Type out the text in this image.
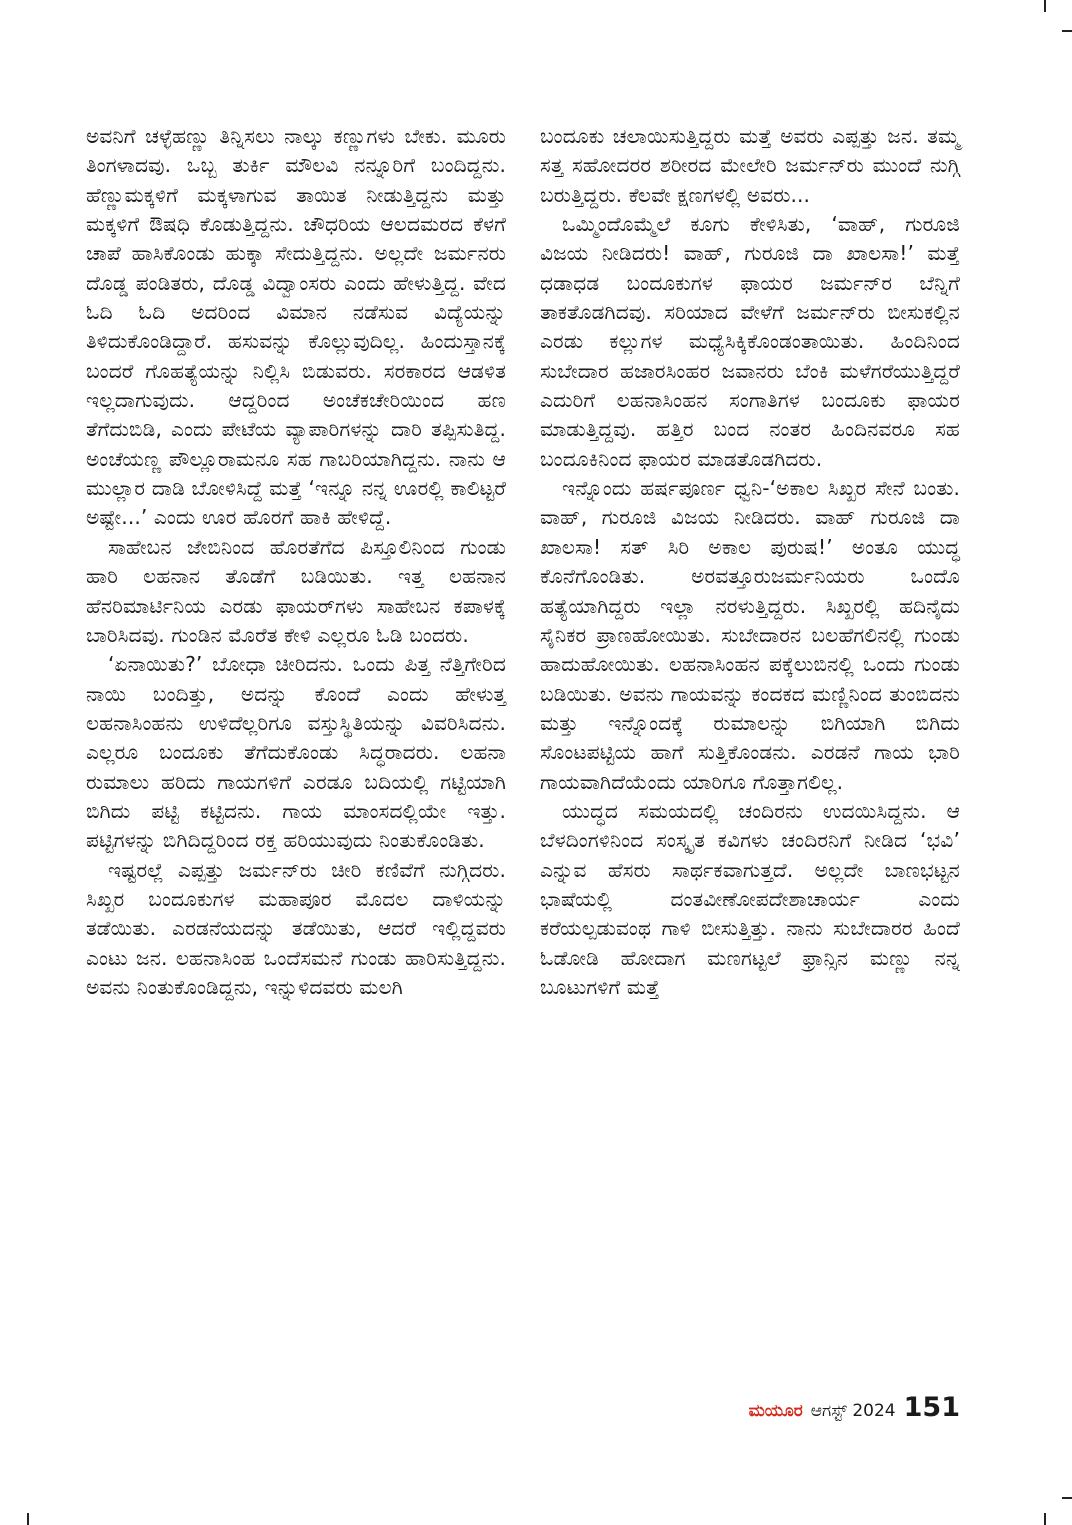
ಅವನಿಗೆ ಚಳ್ಳೆಹಣ್ಣು ತಿನ್ನಿಸಲು ನಾಲ್ಕು ಕಣ್ಣುಗಳು ಬೇಕು. ಮೂರು ತಿಂಗಳಾದವು. ಒಬ್ಬ ತುರ್ಕಿ ಮೌಲವಿ ನನ್ನೂರಿಗೆ ಬಂದಿದ್ದನು. ಹೆಣ್ಣುಮಕ್ಕಳಿಗೆ ಮಕ್ಕಳಾಗುವ ತಾಯಿತ ನೀಡುತ್ತಿದ್ದನು ಮತ್ತು ಮಕ್ಕಳಿಗೆ ಔಷಧಿ ಕೊಡುತ್ತಿದ್ದನು. ಚೌಧರಿಯ ಆಲದಮರದ ಕೆಳಗೆ ಚಾಪೆ ಹಾಸಿಕೊಂಡು ಹುಕ್ಕಾ ಸೇದುತ್ತಿದ್ದನು. ಅಲ್ಲದೇ ಜರ್ಮನರು ದೊಡ್ಡ ಪಂಡಿತರು, ದೊಡ್ಡ ವಿದ್ವಾಂಸರು ಎಂದು ಹೇಳುತ್ತಿದ್ದ. ವೇದ ಓದಿ ಓದಿ ಅದರಿಂದ ವಿಮಾನ ನಡೆಸುವ ವಿದ್ಯೆಯನ್ನು ತಿಳಿದುಕೊಂಡಿದ್ದಾರೆ. ಹಸುವನ್ನು ಕೊಲ್ಲುವುದಿಲ್ಲ. ಹಿಂದುಸ್ತಾನಕ್ಕೆ ಬಂದರೆ ಗೊಹತ್ಯೆಯನ್ನು ನಿಲ್ಲಿಸಿ ಬಿಡುವರು. ಸರಕಾರದ ಆಡಳಿತ ಇಲ್ಲದಾಗುವುದು. ಆದ್ದರಿಂದ ಅಂಚೆಕಚೇರಿಯಿಂದ ಹಣ ತೆಗೆದುಬಿಡಿ, ಎಂದು ಪೇಟೆಯ ವ್ಯಾಪಾರಿಗಳನ್ನು ದಾರಿ ತಪ್ಪಿಸುತಿದ್ದ. ಅಂಚೆಯಣ್ಣ ಪೌಲ್ಲೂರಾಮನೂ ಸಹ ಗಾಬರಿಯಾಗಿದ್ದನು. ನಾನು ಆ ಮುಲ್ಲಾರ ದಾಡಿ ಬೋಳಿಸಿದ್ದೆ ಮತ್ತೆ ‘ಇನ್ನೂ ನನ್ನ ಊರಲ್ಲಿ ಕಾಲಿಟ್ಟರೆ ಅಷ್ಟೇ...’ ಎಂದು ಊರ ಹೊರಗೆ ಹಾಕಿ ಹೇಳಿದ್ದೆ.

ಸಾಹೇಬನ ಜೇಬಿನಿಂದ ಹೊರತೆಗೆದ ಪಿಸ್ತೂಲಿನಿಂದ ಗುಂಡು ಹಾರಿ ಲಹನಾನ ತೊಡೆಗೆ ಬಡಿಯಿತು. ಇತ್ತ ಲಹನಾನ ಹೆನರಿಮಾರ್ಟಿನಿಯ ಎರಡು ಫಾಯರ್‌ಗಳು ಸಾಹೇಬನ ಕಪಾಳಕ್ಕೆ ಬಾರಿಸಿದವು. ಗುಂಡಿನ ಮೊರೆತ ಕೇಳಿ ಎಲ್ಲರೂ ಓಡಿ ಬಂದರು.

‘ಏನಾಯಿತು?’ ಬೋಧಾ ಚೀರಿದನು. ಒಂದು ಪಿತ್ತ ನೆತ್ತಿಗೇರಿದ ನಾಯಿ ಬಂದಿತ್ತು, ಅದನ್ನು ಕೊಂದೆ ಎಂದು ಹೇಳುತ್ತ ಲಹನಾಸಿಂಹನು ಉಳಿದೆಲ್ಲರಿಗೂ ವಸ್ತುಸ್ಥಿತಿಯನ್ನು ವಿವರಿಸಿದನು. ಎಲ್ಲರೂ ಬಂದೂಕು ತೆಗೆದುಕೊಂಡು ಸಿದ್ಧರಾದರು. ಲಹನಾ ರುಮಾಲು ಹರಿದು ಗಾಯಗಳಿಗೆ ಎರಡೂ ಬದಿಯಲ್ಲಿ ಗಟ್ಟಿಯಾಗಿ ಬಿಗಿದು ಪಟ್ಟಿ ಕಟ್ಟಿದನು. ಗಾಯ ಮಾಂಸದಲ್ಲಿಯೇ ಇತ್ತು. ಪಟ್ಟಿಗಳನ್ನು ಬಿಗಿದಿದ್ದರಿಂದ ರಕ್ತ ಹರಿಯುವುದು ನಿಂತುಕೊಂಡಿತು.

ಇಷ್ಟರಲ್ಲೆ ಎಪ್ಪತ್ತು ಜರ್ಮನ್‌ರು ಚೀರಿ ಕಣಿವೆಗೆ ನುಗ್ಗಿದರು. ಸಿಖ್ಖರ ಬಂದೂಕುಗಳ ಮಹಾಪೂರ ಮೊದಲ ದಾಳಿಯನ್ನು ತಡೆಯಿತು. ಎರಡನೆಯದನ್ನು ತಡೆಯಿತು, ಆದರೆ ಇಲ್ಲಿದ್ದವರು ಎಂಟು ಜನ. ಲಹನಾಸಿಂಹ ಒಂದೆಸಮನೆ ಗುಂಡು ಹಾರಿಸುತ್ತಿದ್ದನು. ಅವನು ನಿಂತುಕೊಂಡಿದ್ದನು, ಇನ್ನುಳಿದವರು ಮಲಗಿ

ಬಂದೂಕು ಚಲಾಯಿಸುತ್ತಿದ್ದರು ಮತ್ತೆ ಅವರು ಎಪ್ಪತ್ತು ಜನ. ತಮ್ಮ ಸತ್ತ ಸಹೋದರರ ಶರೀರದ ಮೇಲೇರಿ ಜರ್ಮನ್‌ರು ಮುಂದೆ ನುಗ್ಗಿ ಬರುತ್ತಿದ್ದರು. ಕೆಲವೇ ಕ್ಷಣಗಳಲ್ಲಿ ಅವರು...

ಒಮ್ಮಿಂದೊಮ್ಮೆಲೆ ಕೂಗು ಕೇಳಿಸಿತು, ‘ವಾಹ್, ಗುರೂಜಿ ವಿಜಯ ನೀಡಿದರು! ವಾಹ್, ಗುರೂಜಿ ದಾ ಖಾಲಸಾ!’ ಮತ್ತೆ ಧಡಾಧಡ ಬಂದೂಕುಗಳ ಫಾಯರ ಜರ್ಮನ್‌ರ ಬೆನ್ನಿಗೆ ತಾಕತೊಡಗಿದವು. ಸರಿಯಾದ ವೇಳೆಗೆ ಜರ್ಮನ್‌ರು ಬೀಸುಕಲ್ಲಿನ ಎರಡು ಕಲ್ಲುಗಳ ಮಧ್ಯೆಸಿಕ್ಕಿಕೊಂಡಂತಾಯಿತು. ಹಿಂದಿನಿಂದ ಸುಬೇದಾರ ಹಜಾರಸಿಂಹರ ಜವಾನರು ಬೆಂಕಿ ಮಳೆಗರೆಯುತ್ತಿದ್ದರೆ ಎದುರಿಗೆ ಲಹನಾಸಿಂಹನ ಸಂಗಾತಿಗಳ ಬಂದೂಕು ಫಾಯರ ಮಾಡುತ್ತಿದ್ದವು. ಹತ್ತಿರ ಬಂದ ನಂತರ ಹಿಂದಿನವರೂ ಸಹ ಬಂದೂಕಿನಿಂದ ಫಾಯರ ಮಾಡತೊಡಗಿದರು.

ಇನ್ನೊಂದು ಹರ್ಷಪೂರ್ಣ ಧ್ವನಿ-‘ಅಕಾಲ ಸಿಖ್ಖರ ಸೇನೆ ಬಂತು. ವಾಹ್, ಗುರೂಜಿ ವಿಜಯ ನೀಡಿದರು. ವಾಹ್ ಗುರೂಜಿ ದಾ ಖಾಲಸಾ! ಸತ್ ಸಿರಿ ಅಕಾಲ ಪುರುಷ!’ ಅಂತೂ ಯುದ್ಧ ಕೊನೆಗೊಂಡಿತು. ಅರವತ್ತೂರುಜರ್ಮನಿಯರು ಒಂದೊ ಹತ್ಯೆಯಾಗಿದ್ದರು ಇಲ್ಲಾ ನರಳುತ್ತಿದ್ದರು. ಸಿಖ್ಖರಲ್ಲಿ ಹದಿನೈದು ಸೈನಿಕರ ಪ್ರಾಣಹೋಯಿತು. ಸುಬೇದಾರನ ಬಲಹೆಗಲಿನಲ್ಲಿ ಗುಂಡು ಹಾದುಹೋಯಿತು. ಲಹನಾಸಿಂಹನ ಪಕ್ಕೆಲುಬಿನಲ್ಲಿ ಒಂದು ಗುಂಡು ಬಡಿಯಿತು. ಅವನು ಗಾಯವನ್ನು ಕಂದಕದ ಮಣ್ಣಿನಿಂದ ತುಂಬಿದನು ಮತ್ತು ಇನ್ನೊಂದಕ್ಕೆ ರುಮಾಲನ್ನು ಬಿಗಿಯಾಗಿ ಬಿಗಿದು ಸೊಂಟಪಟ್ಟಿಯ ಹಾಗೆ ಸುತ್ತಿಕೊಂಡನು. ಎರಡನೆ ಗಾಯ ಭಾರಿ ಗಾಯವಾಗಿದೆಯೆಂದು ಯಾರಿಗೂ ಗೊತ್ತಾಗಲಿಲ್ಲ.

ಯುದ್ಧದ ಸಮಯದಲ್ಲಿ ಚಂದಿರನು ಉದಯಿಸಿದ್ದನು. ಆ ಬೆಳದಿಂಗಳಿನಿಂದ ಸಂಸ್ಕೃತ ಕವಿಗಳು ಚಂದಿರನಿಗೆ ನೀಡಿದ ‘ಭವಿ’ ಎನ್ನುವ ಹೆಸರು ಸಾರ್ಥಕವಾಗುತ್ತದೆ. ಅಲ್ಲದೇ ಬಾಣಭಟ್ಟನ ಭಾಷೆಯಲ್ಲಿ ದಂತವೀಣೋಪದೇಶಾಚಾರ್ಯ ಎಂದು ಕರೆಯಲ್ಪಡುವಂಥ ಗಾಳಿ ಬೀಸುತ್ತಿತ್ತು. ನಾನು ಸುಬೇದಾರರ ಹಿಂದೆ ಓಡೋಡಿ ಹೋದಾಗ ಮಣಗಟ್ಟಲೆ ಫ್ರಾನ್ಸಿನ ಮಣ್ಣು ನನ್ನ ಬೂಟುಗಳಿಗೆ ಮತ್ತೆ

ಮಯೂರ ಆಗಸ್ಟ್ 2024 151
